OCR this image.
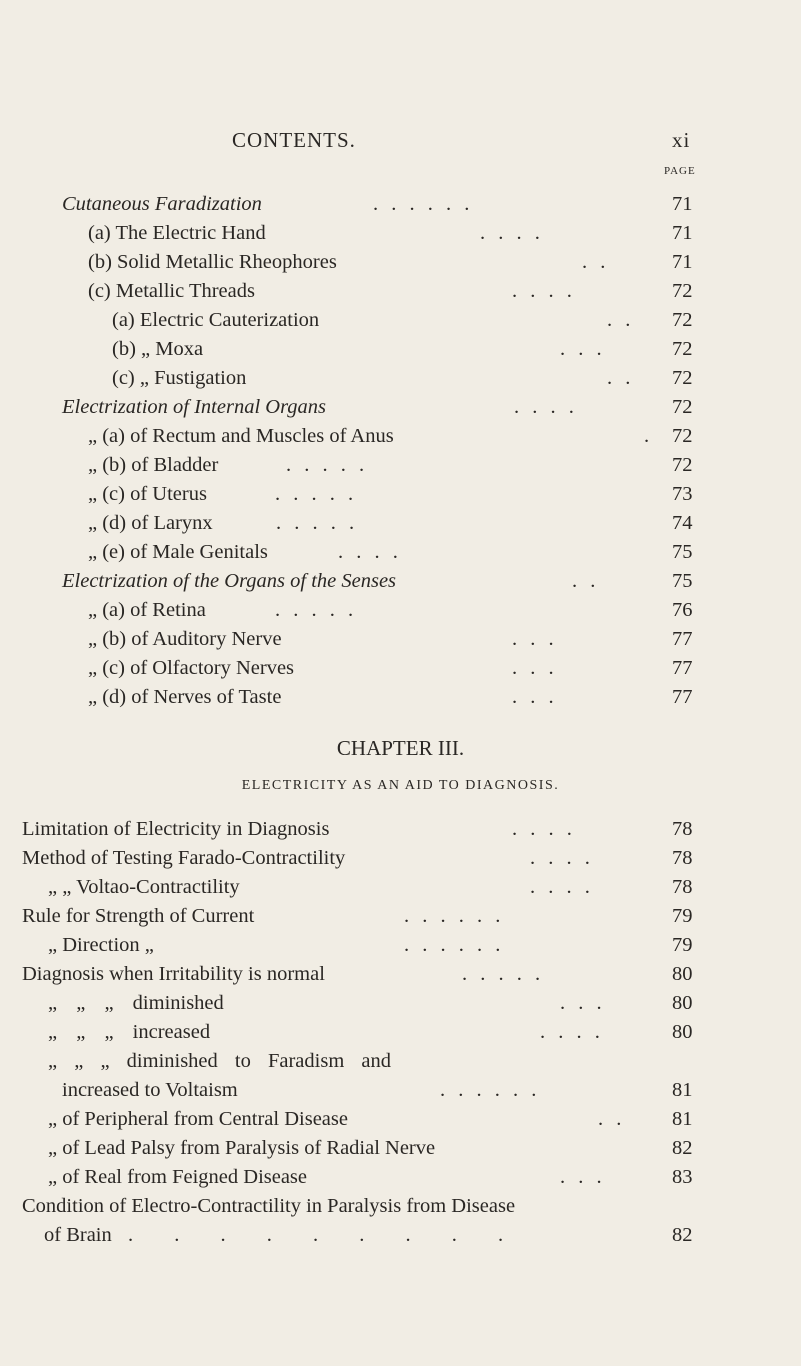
CONTENTS.	xi
PAGE
Cutaneous Faradization	. . . . . .	71
(a) The Electric Hand	. . . .	71
(b) Solid Metallic Rheophores	. .	71
(c) Metallic Threads	. . . .	72
(a) Electric Cauterization	. . 72
(b) „ Moxa	. . .	72
(c) „ Fustigation	. . 72
Electrization of Internal Organs	. . . .	72
„ (a) of Rectum and Muscles of Anus	. 72
„ (b) of Bladder	. . . . .	72
„ (c) of Uterus	. . . . .	73
„ (d) of Larynx	. . . . .	74
„ (e) of Male Genitals	. . . .	75
Electrization of the Organs of the Senses	. .	75
„ (a) of Retina	. . . . .	76
„ (b) of Auditory Nerve	. . .	77
„ (c) of Olfactory Nerves	. . .	77
„ (d) of Nerves of Taste	. . .	77
CHAPTER III.
ELECTRICITY AS AN AID TO DIAGNOSIS.
Limitation of Electricity in Diagnosis	. . . .	78
Method of Testing Farado-Contractility	. . . .	78
„ „ Voltao-Contractility	. . . .	78
Rule for Strength of Current	. . . . . .	79
„ Direction „	. . . . . .	79
Diagnosis when Irritability is normal	. . . . .	80
„ „ „ diminished	. . .	80
„ „ „ increased	. . . .	80
„ „ „ diminished to Faradism and
increased to Voltaism	. . . . . .	81
„ of Peripheral from Central Disease	. . 81
„ of Lead Palsy from Paralysis of Radial Nerve	82
„ of Real from Feigned Disease	. . .	83
Condition of Electro-Contractility in Paralysis from Disease
of Brain . . . . . . . . .	82
